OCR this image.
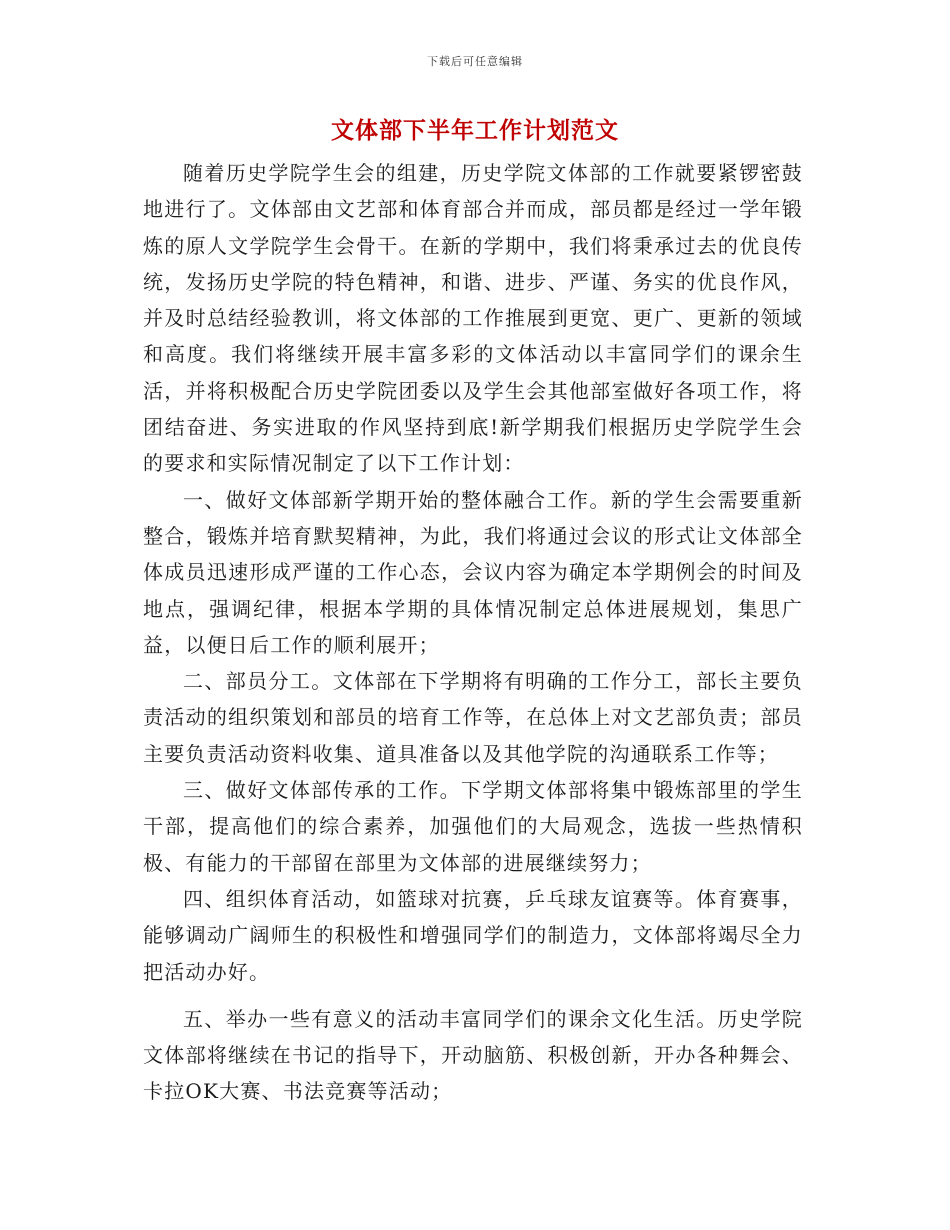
下载后可任意编辑
文体部下半年工作计划范文

随着历史学院学生会的组建，历史学院文体部的工作就要紧锣密鼓地进行了。文体部由文艺部和体育部合并而成，部员都是经过一学年锻炼的原人文学院学生会骨干。在新的学期中，我们将秉承过去的优良传统，发扬历史学院的特色精神，和谐、进步、严谨、务实的优良作风，并及时总结经验教训，将文体部的工作推展到更宽、更广、更新的领域和高度。我们将继续开展丰富多彩的文体活动以丰富同学们的课余生活，并将积极配合历史学院团委以及学生会其他部室做好各项工作，将团结奋进、务实进取的作风坚持到底!新学期我们根据历史学院学生会的要求和实际情况制定了以下工作计划：

一、做好文体部新学期开始的整体融合工作。新的学生会需要重新整合，锻炼并培育默契精神，为此，我们将通过会议的形式让文体部全体成员迅速形成严谨的工作心态，会议内容为确定本学期例会的时间及地点，强调纪律，根据本学期的具体情况制定总体进展规划，集思广益，以便日后工作的顺利展开；

二、部员分工。文体部在下学期将有明确的工作分工，部长主要负责活动的组织策划和部员的培育工作等，在总体上对文艺部负责；部员主要负责活动资料收集、道具准备以及其他学院的沟通联系工作等；

三、做好文体部传承的工作。下学期文体部将集中锻炼部里的学生干部，提高他们的综合素养，加强他们的大局观念，选拔一些热情积极、有能力的干部留在部里为文体部的进展继续努力；

四、组织体育活动，如篮球对抗赛，乒乓球友谊赛等。体育赛事，能够调动广阔师生的积极性和增强同学们的制造力，文体部将竭尽全力把活动办好。

五、举办一些有意义的活动丰富同学们的课余文化生活。历史学院文体部将继续在书记的指导下，开动脑筋、积极创新，开办各种舞会、卡拉OK大赛、书法竞赛等活动；
